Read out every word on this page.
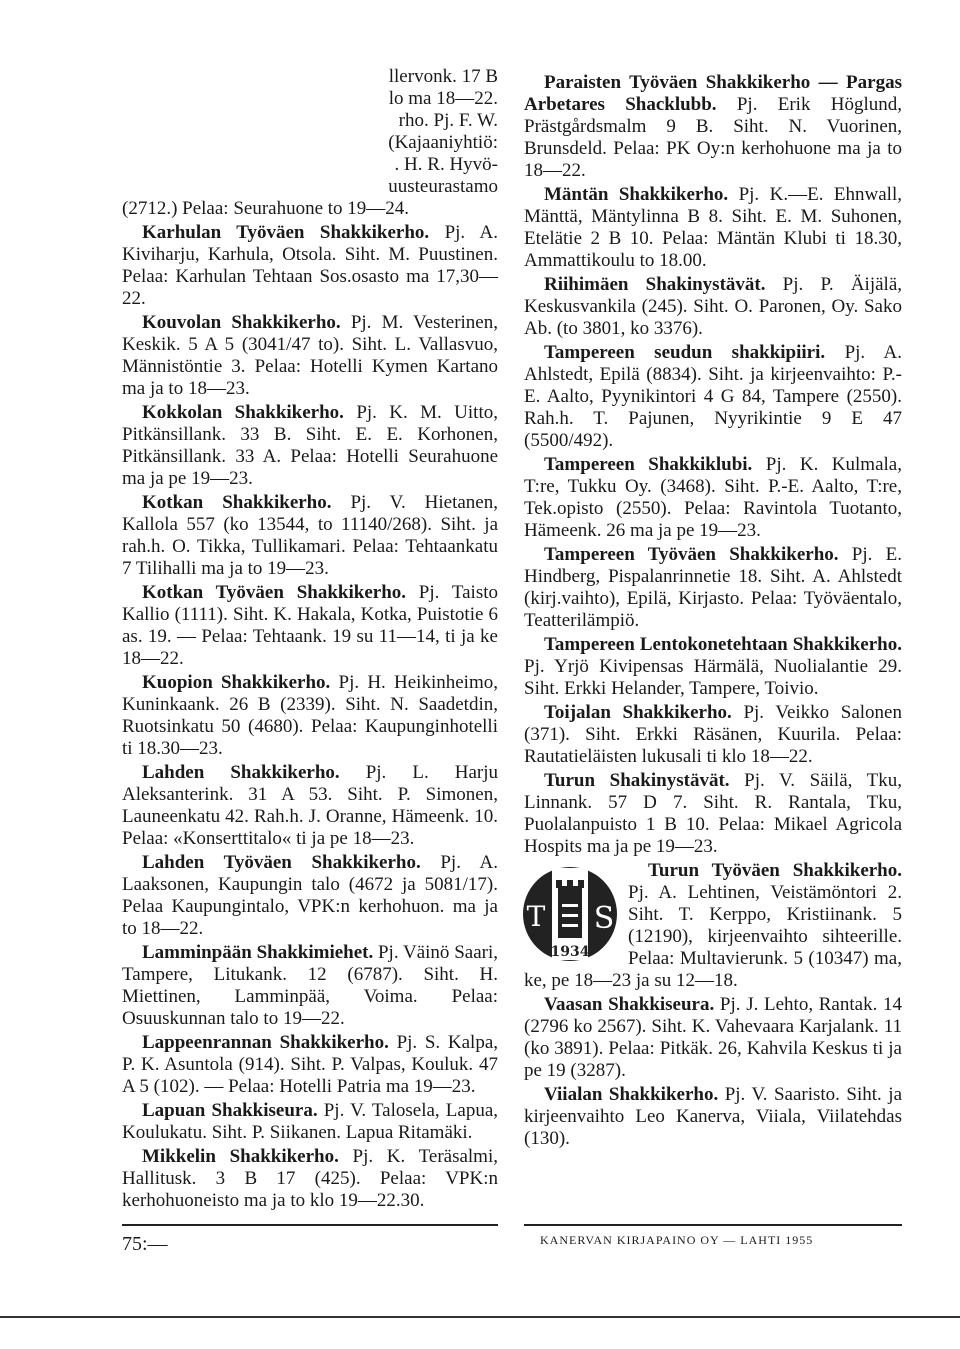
llervonk. 17 B

lo ma 18—22.

rho. Pj. F. W.

(Kajaaniyhtiö:

. H. R. Hyvö-

uusteurastamo

(2712.) Pelaa: Seurahuone to 19—24.

Karhulan Työväen Shakkikerho. Pj. A. Kiviharju, Karhula, Otsola. Siht. M. Puustinen. Pelaa: Karhulan Tehtaan Sos.osasto ma 17,30—22.

Kouvolan Shakkikerho. Pj. M. Vesterinen, Keskik. 5 A 5 (3041/47 to). Siht. L. Vallasvuo, Männistöntie 3. Pelaa: Hotelli Kymen Kartano ma ja to 18—23.

Kokkolan Shakkikerho. Pj. K. M. Uitto, Pitkänsillank. 33 B. Siht. E. E. Korhonen, Pitkänsillank. 33 A. Pelaa: Hotelli Seurahuone ma ja pe 19—23.

Kotkan Shakkikerho. Pj. V. Hietanen, Kallola 557 (ko 13544, to 11140/268). Siht. ja rah.h. O. Tikka, Tullikamari. Pelaa: Tehtaankatu 7 Tilihalli ma ja to 19—23.

Kotkan Työväen Shakkikerho. Pj. Taisto Kallio (1111). Siht. K. Hakala, Kotka, Puistotie 6 as. 19. — Pelaa: Tehtaank. 19 su 11—14, ti ja ke 18—22.

Kuopion Shakkikerho. Pj. H. Heikinheimo, Kuninkaank. 26 B (2339). Siht. N. Saadetdin, Ruotsinkatu 50 (4680). Pelaa: Kaupunginhotelli ti 18.30—23.

Lahden Shakkikerho. Pj. L. Harju Aleksanterink. 31 A 53. Siht. P. Simonen, Launeenkatu 42. Rah.h. J. Oranne, Hämeenk. 10. Pelaa: «Konserttitalo« ti ja pe 18—23.

Lahden Työväen Shakkikerho. Pj. A. Laaksonen, Kaupungin talo (4672 ja 5081/17). Pelaa Kaupungintalo, VPK:n kerhohuon. ma ja to 18—22.

Lamminpään Shakkimiehet. Pj. Väinö Saari, Tampere, Litukank. 12 (6787). Siht. H. Miettinen, Lamminpää, Voima. Pelaa: Osuuskunnan talo to 19—22.

Lappeenrannan Shakkikerho. Pj. S. Kalpa, P. K. Asuntola (914). Siht. P. Valpas, Kouluk. 47 A 5 (102). — Pelaa: Hotelli Patria ma 19—23.

Lapuan Shakkiseura. Pj. V. Talosela, Lapua, Koulukatu. Siht. P. Siikanen. Lapua Ritamäki.

Mikkelin Shakkikerho. Pj. K. Teräsalmi, Hallitusk. 3 B 17 (425). Pelaa: VPK:n kerhohuoneisto ma ja to klo 19—22.30.

Paraisten Työväen Shakkikerho — Pargas Arbetares Shacklubb. Pj. Erik Höglund, Prästgårdsmalm 9 B. Siht. N. Vuorinen, Brunsdeld. Pelaa: PK Oy:n kerhohuone ma ja to 18—22.

Mäntän Shakkikerho. Pj. K.—E. Ehnwall, Mänttä, Mäntylinna B 8. Siht. E. M. Suhonen, Etelätie 2 B 10. Pelaa: Mäntän Klubi ti 18.30, Ammattikoulu to 18.00.

Riihimäen Shakinystävät. Pj. P. Äijälä, Keskusvankila (245). Siht. O. Paronen, Oy. Sako Ab. (to 3801, ko 3376).

Tampereen seudun shakkipiiri. Pj. A. Ahlstedt, Epilä (8834). Siht. ja kirjeenvaihto: P.-E. Aalto, Pyynikintori 4 G 84, Tampere (2550). Rah.h. T. Pajunen, Nyyrikintie 9 E 47 (5500/492).

Tampereen Shakkiklubi. Pj. K. Kulmala, T:re, Tukku Oy. (3468). Siht. P.-E. Aalto, T:re, Tek.opisto (2550). Pelaa: Ravintola Tuotanto, Hämeenk. 26 ma ja pe 19—23.

Tampereen Työväen Shakkikerho. Pj. E. Hindberg, Pispalanrinnetie 18. Siht. A. Ahlstedt (kirj.vaihto), Epilä, Kirjasto. Pelaa: Työväentalo, Teatterilämpiö.

Tampereen Lentokonetehtaan Shakkikerho. Pj. Yrjö Kivipensas Härmälä, Nuolialantie 29. Siht. Erkki Helander, Tampere, Toivio.

Toijalan Shakkikerho. Pj. Veikko Salonen (371). Siht. Erkki Räsänen, Kuurila. Pelaa: Rautatieläisten lukusali ti klo 18—22.

Turun Shakinystävät. Pj. V. Säilä, Tku, Linnank. 57 D 7. Siht. R. Rantala, Tku, Puolalanpuisto 1 B 10. Pelaa: Mikael Agricola Hospits ma ja pe 19—23.

Turun Työväen Shakkikerho.
T S
1934
Pj. A. Lehtinen, Veistämöntori 2. Siht. T. Kerppo, Kristiinank. 5 (12190), kirjeenvaihto sihteerille. Pelaa: Multavierunk. 5 (10347) ma, ke, pe 18—23 ja su 12—18.

Vaasan Shakkiseura. Pj. J. Lehto, Rantak. 14 (2796 ko 2567). Siht. K. Vahevaara Karjalank. 11 (ko 3891). Pelaa: Pitkäk. 26, Kahvila Keskus ti ja pe 19 (3287).

Viialan Shakkikerho. Pj. V. Saaristo. Siht. ja kirjeenvaihto Leo Kanerva, Viiala, Viilatehdas (130).

75:—	KANERVAN KIRJAPAINO OY — LAHTI 1955
